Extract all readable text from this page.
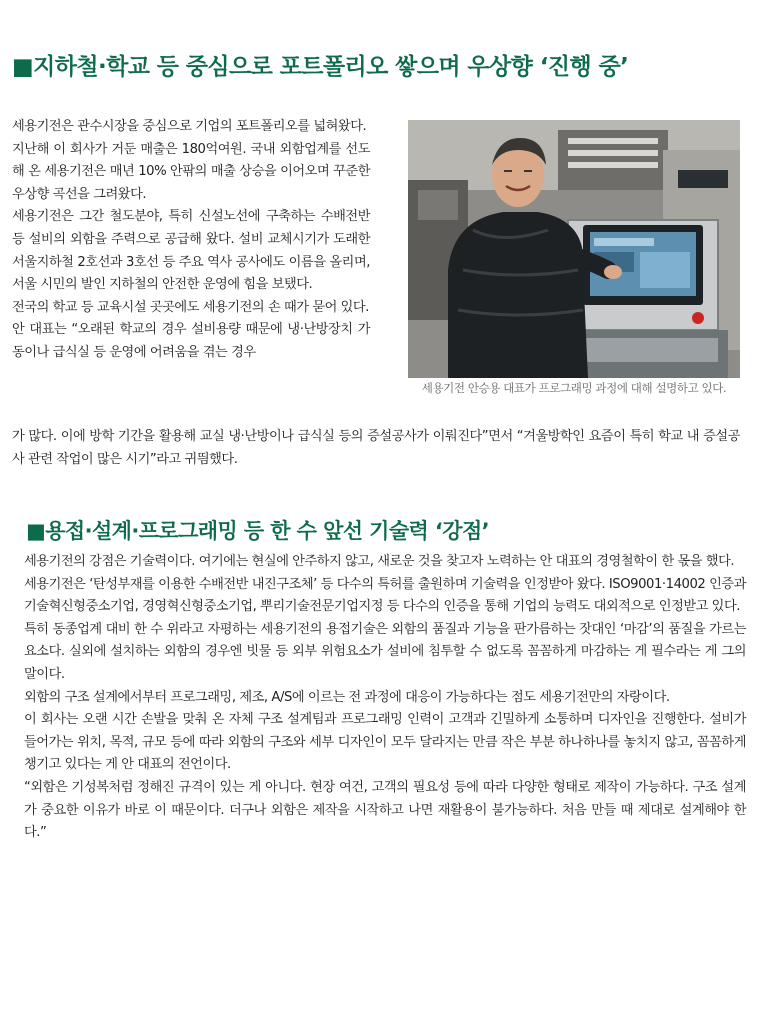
■지하철·학교 등 중심으로 포트폴리오 쌓으며 우상향 ‘진행 중’

세용기전은 관수시장을 중심으로 기업의 포트폴리오를 넓혀왔다.

지난해 이 회사가 거둔 매출은 180억여원. 국내 외함업계를 선도해 온 세용기전은 매년 10% 안팎의 매출 상승을 이어오며 꾸준한 우상향 곡선을 그려왔다.

세용기전은 그간 철도분야, 특히 신설노선에 구축하는 수배전반 등 설비의 외함을 주력으로 공급해 왔다. 설비 교체시기가 도래한 서울지하철 2호선과 3호선 등 주요 역사 공사에도 이름을 올리며, 서울 시민의 발인 지하철의 안전한 운영에 힘을 보탰다.

전국의 학교 등 교육시설 곳곳에도 세용기전의 손 때가 묻어 있다.

안 대표는 “오래된 학교의 경우 설비용량 때문에 냉·난방장치 가동이나 급식실 등 운영에 어려움을 겪는 경우

세용기전 안승용 대표가 프로그래밍 과정에 대해 설명하고 있다.

가 많다. 이에 방학 기간을 활용해 교실 냉·난방이나 급식실 등의 증설공사가 이뤄진다”면서 “겨울방학인 요즘이 특히 학교 내 증설공사 관련 작업이 많은 시기”라고 귀띔했다.

■용접·설계·프로그래밍 등 한 수 앞선 기술력 ‘강점’

세용기전의 강점은 기술력이다. 여기에는 현실에 안주하지 않고, 새로운 것을 찾고자 노력하는 안 대표의 경영철학이 한 몫을 했다.

세용기전은 ‘탄성부재를 이용한 수배전반 내진구조체’ 등 다수의 특허를 출원하며 기술력을 인정받아 왔다. ISO9001·14002 인증과 기술혁신형중소기업, 경영혁신형중소기업, 뿌리기술전문기업지정 등 다수의 인증을 통해 기업의 능력도 대외적으로 인정받고 있다.

특히 동종업계 대비 한 수 위라고 자평하는 세용기전의 용접기술은 외함의 품질과 기능을 판가름하는 잣대인 ‘마감’의 품질을 가르는 요소다. 실외에 설치하는 외함의 경우엔 빗물 등 외부 위험요소가 설비에 침투할 수 없도록 꼼꼼하게 마감하는 게 필수라는 게 그의 말이다.

외함의 구조 설계에서부터 프로그래밍, 제조, A/S에 이르는 전 과정에 대응이 가능하다는 점도 세용기전만의 자랑이다.

이 회사는 오랜 시간 손발을 맞춰 온 자체 구조 설계팀과 프로그래밍 인력이 고객과 긴밀하게 소통하며 디자인을 진행한다. 설비가 들어가는 위치, 목적, 규모 등에 따라 외함의 구조와 세부 디자인이 모두 달라지는 만큼 작은 부분 하나하나를 놓치지 않고, 꼼꼼하게 챙기고 있다는 게 안 대표의 전언이다.

“외함은 기성복처럼 정해진 규격이 있는 게 아니다. 현장 여건, 고객의 필요성 등에 따라 다양한 형태로 제작이 가능하다. 구조 설계가 중요한 이유가 바로 이 때문이다. 더구나 외함은 제작을 시작하고 나면 재활용이 불가능하다. 처음 만들 때 제대로 설계해야 한다.”
